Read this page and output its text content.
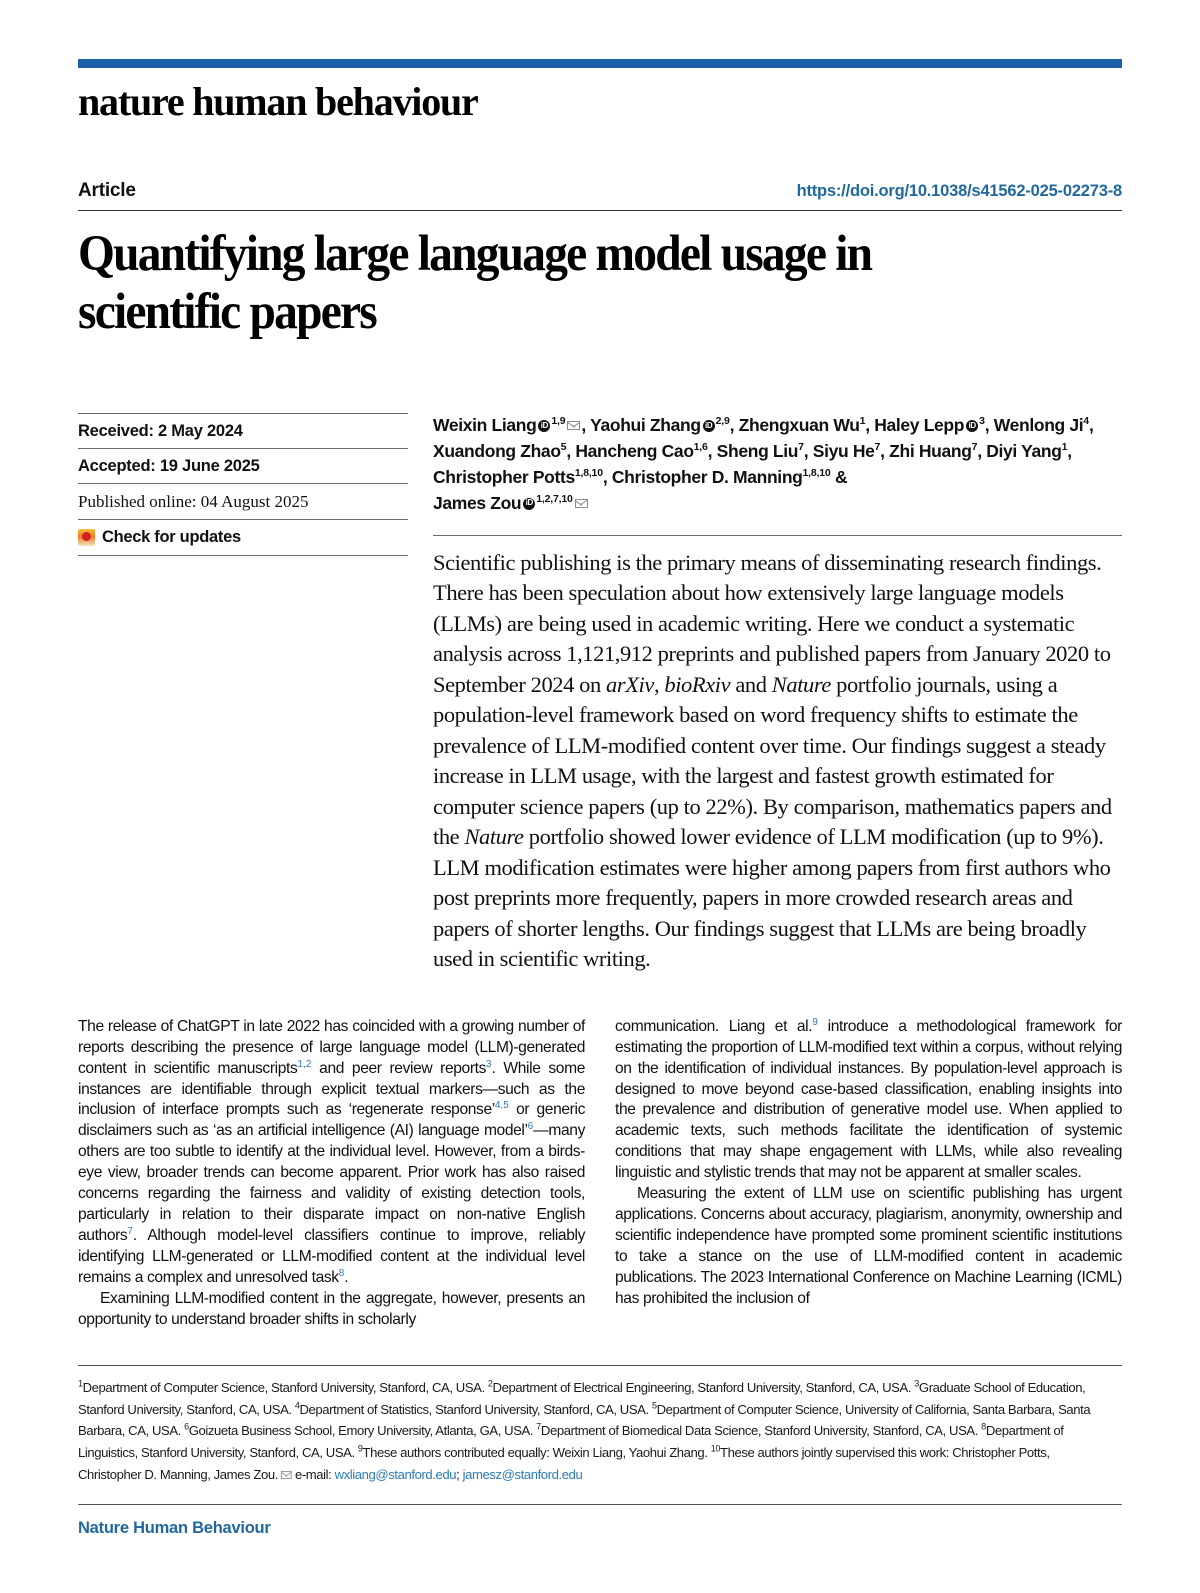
nature human behaviour
Article	https://doi.org/10.1038/s41562-025-02273-8
Quantifying large language model usage in scientific papers
Received: 2 May 2024
Accepted: 19 June 2025
Published online: 04 August 2025
Check for updates
Weixin Liang iD $^{1,9}$ , Yaohui Zhang iD $^{2,9}$, Zhengxuan Wu$^1$, Haley Lepp iD $^3$, Wenlong Ji$^4$, Xuandong Zhao$^5$, Hancheng Cao$^{1,6}$, Sheng Liu$^7$, Siyu He$^7$, Zhi Huang$^7$, Diyi Yang$^1$, Christopher Potts$^{1,8,10}$, Christopher D. Manning$^{1,8,10}$ &
James Zou iD $^{1,2,7,10}$
Scientific publishing is the primary means of disseminating research findings. There has been speculation about how extensively large language models (LLMs) are being used in academic writing. Here we conduct a systematic analysis across 1,121,912 preprints and published papers from January 2020 to September 2024 on arXiv, bioRxiv and Nature portfolio journals, using a population-level framework based on word frequency shifts to estimate the prevalence of LLM-modified content over time. Our findings suggest a steady increase in LLM usage, with the largest and fastest growth estimated for computer science papers (up to 22%). By comparison, mathematics papers and the Nature portfolio showed lower evidence of LLM modification (up to 9%). LLM modification estimates were higher among papers from first authors who post preprints more frequently, papers in more crowded research areas and papers of shorter lengths. Our findings suggest that LLMs are being broadly used in scientific writing.

The release of ChatGPT in late 2022 has coincided with a growing number of reports describing the presence of large language model (LLM)-generated content in scientific manuscripts$^{1,2}$ and peer review reports$^3$. While some instances are identifiable through explicit textual markers—such as the inclusion of interface prompts such as ‘regenerate response’$^{4,5}$ or generic disclaimers such as ‘as an artificial intelligence (AI) language model’$^6$—many others are too subtle to identify at the individual level. However, from a birds-eye view, broader trends can become apparent. Prior work has also raised concerns regarding the fairness and validity of existing detection tools, particularly in relation to their disparate impact on non-native English authors$^7$. Although model-level classifiers continue to improve, reliably identifying LLM-generated or LLM-modified content at the individual level remains a complex and unresolved task$^8$.

Examining LLM-modified content in the aggregate, however, presents an opportunity to understand broader shifts in scholarly

communication. Liang et al.$^9$ introduce a methodological framework for estimating the proportion of LLM-modified text within a corpus, without relying on the identification of individual instances. By population-level approach is designed to move beyond case-based classification, enabling insights into the prevalence and distribution of generative model use. When applied to academic texts, such methods facilitate the identification of systemic conditions that may shape engagement with LLMs, while also revealing linguistic and stylistic trends that may not be apparent at smaller scales.

Measuring the extent of LLM use on scientific publishing has urgent applications. Concerns about accuracy, plagiarism, anonymity, ownership and scientific independence have prompted some prominent scientific institutions to take a stance on the use of LLM-modified content in academic publications. The 2023 International Conference on Machine Learning (ICML) has prohibited the inclusion of

$^1$Department of Computer Science, Stanford University, Stanford, CA, USA. $^2$Department of Electrical Engineering, Stanford University, Stanford, CA, USA. $^3$Graduate School of Education, Stanford University, Stanford, CA, USA. $^4$Department of Statistics, Stanford University, Stanford, CA, USA. $^5$Department of Computer Science, University of California, Santa Barbara, Santa Barbara, CA, USA. $^6$Goizueta Business School, Emory University, Atlanta, GA, USA. $^7$Department of Biomedical Data Science, Stanford University, Stanford, CA, USA. $^8$Department of Linguistics, Stanford University, Stanford, CA, USA. $^9$These authors contributed equally: Weixin Liang, Yaohui Zhang. $^{10}$These authors jointly supervised this work: Christopher Potts, Christopher D. Manning, James Zou. e-mail: wxliang@stanford.edu; jamesz@stanford.edu
Nature Human Behaviour
